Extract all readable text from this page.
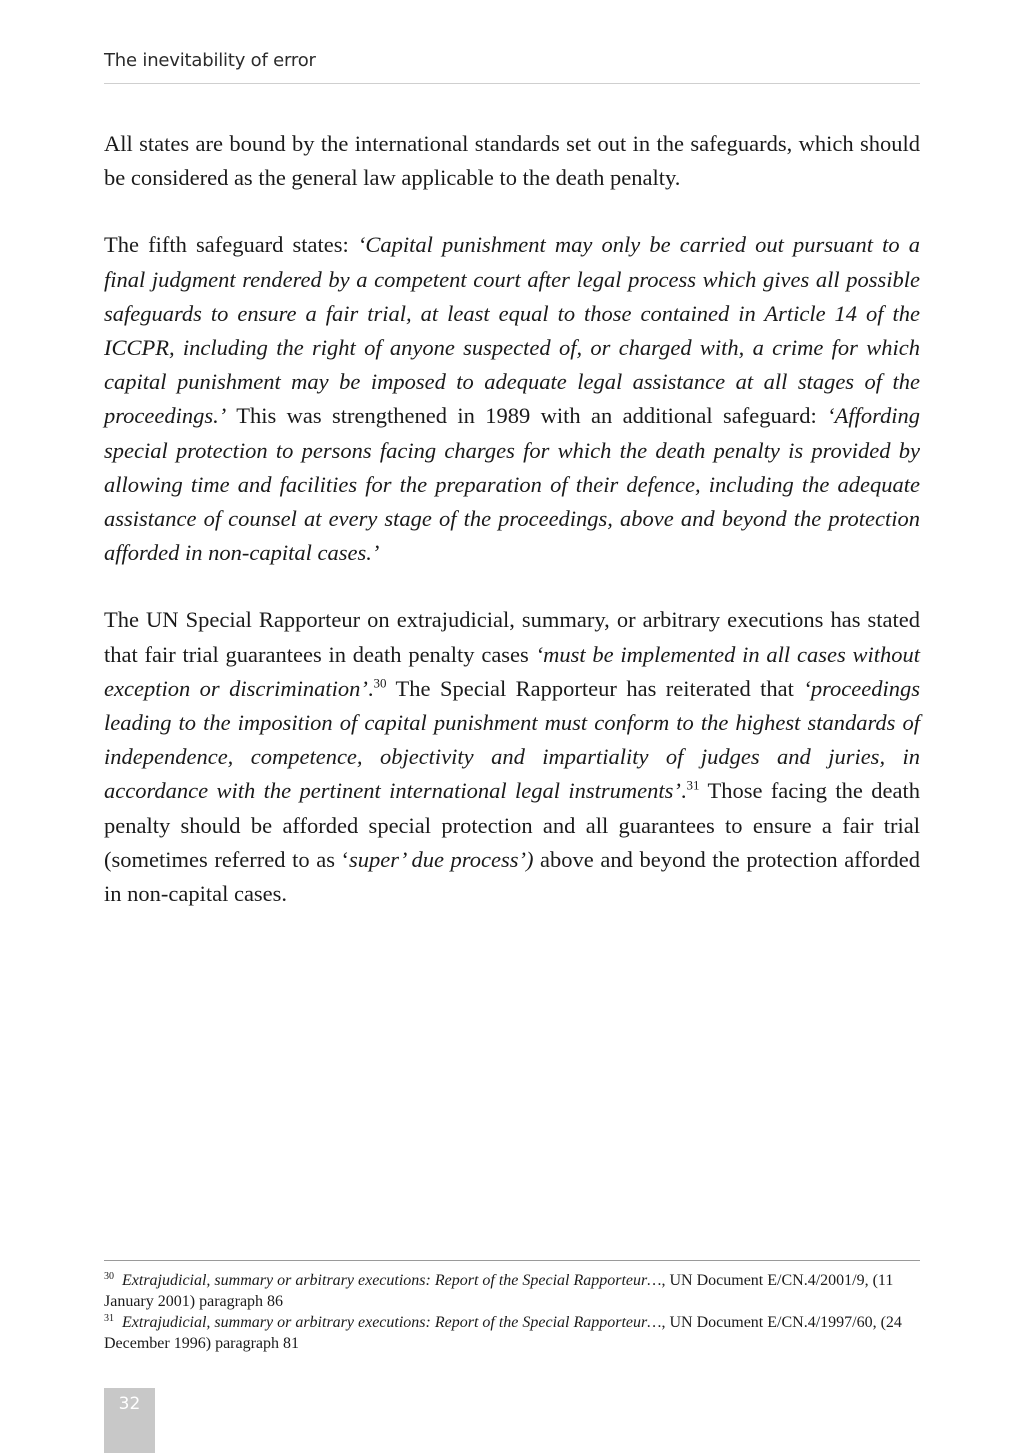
The inevitability of error

All states are bound by the international standards set out in the safeguards, which should be considered as the general law applicable to the death penalty.

The fifth safeguard states: ‘Capital punishment may only be carried out pursuant to a final judgment rendered by a competent court after legal process which gives all possible safeguards to ensure a fair trial, at least equal to those contained in Article 14 of the ICCPR, including the right of anyone suspected of, or charged with, a crime for which capital punishment may be imposed to adequate legal assistance at all stages of the proceedings.’ This was strengthened in 1989 with an additional safeguard: ‘Affording special protection to persons facing charges for which the death penalty is provided by allowing time and facilities for the preparation of their defence, including the adequate assistance of counsel at every stage of the proceedings, above and beyond the protection afforded in non-capital cases.’

The UN Special Rapporteur on extrajudicial, summary, or arbitrary executions has stated that fair trial guarantees in death penalty cases ‘must be implemented in all cases without exception or discrimination’.$^{30}$ The Special Rapporteur has reiterated that ‘proceedings leading to the imposition of capital punishment must conform to the highest standards of independence, competence, objectivity and impartiality of judges and juries, in accordance with the pertinent international legal instruments’.$^{31}$ Those facing the death penalty should be afforded special protection and all guarantees to ensure a fair trial (sometimes referred to as ‘super’ due process’) above and beyond the protection afforded in non-capital cases.

$^{30}$ Extrajudicial, summary or arbitrary executions: Report of the Special Rapporteur…, UN Document E/CN.4/2001/9, (11 January 2001) paragraph 86
$^{31}$ Extrajudicial, summary or arbitrary executions: Report of the Special Rapporteur…, UN Document E/CN.4/1997/60, (24 December 1996) paragraph 81
32
